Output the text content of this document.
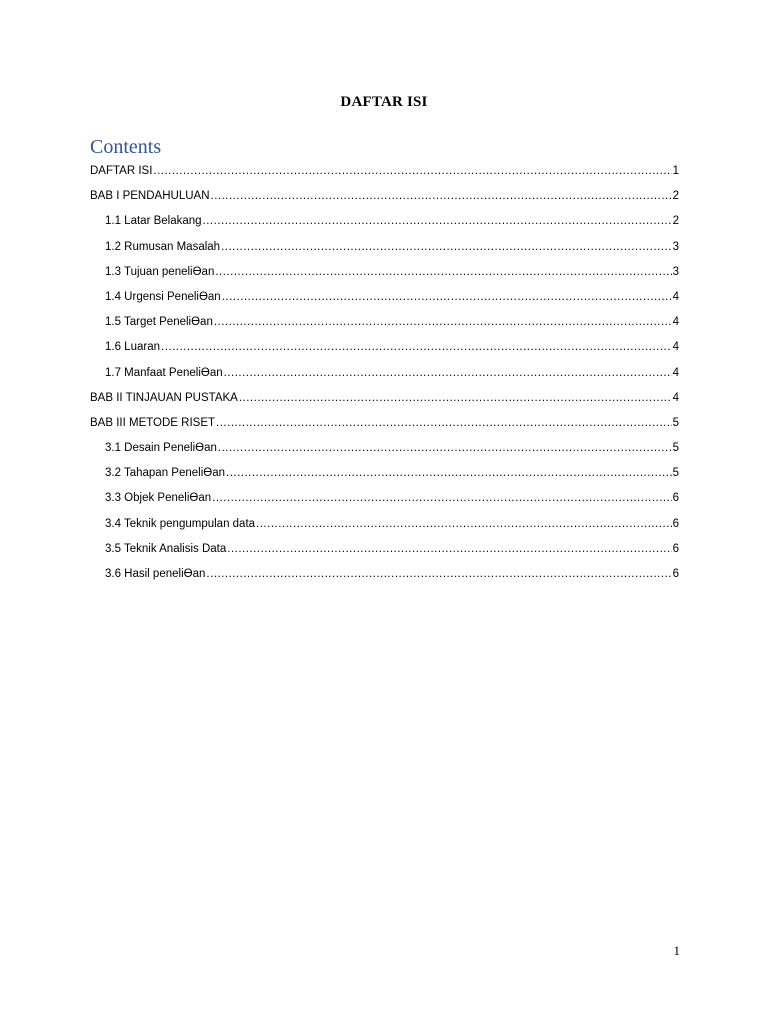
DAFTAR ISI
Contents
DAFTAR ISI .....	1
BAB I PENDAHULUAN .....	2
1.1 Latar Belakang .....	2
1.2 Rumusan Masalah .....	3
1.3 Tujuan peneliƟan .....	3
1.4 Urgensi PeneliƟan .....	4
1.5 Target PeneliƟan .....	4
1.6 Luaran .....	4
1.7 Manfaat PeneliƟan .....	4
BAB II TINJAUAN PUSTAKA .....	4
BAB III METODE RISET .....	5
3.1 Desain PeneliƟan .....	5
3.2 Tahapan PeneliƟan .....	5
3.3 Objek PeneliƟan .....	6
3.4 Teknik pengumpulan data .....	6
3.5 Teknik Analisis Data .....	6
3.6 Hasil peneliƟan .....	6
1
